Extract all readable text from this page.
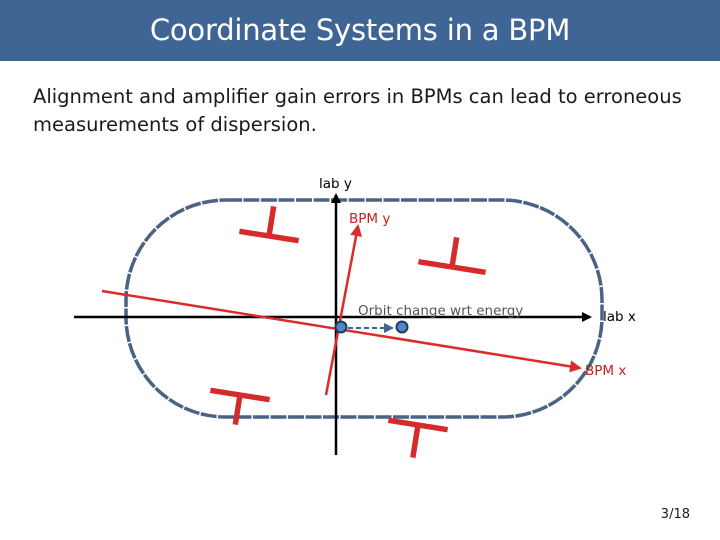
Coordinate Systems in a BPM
Alignment and amplifier gain errors in BPMs can lead to erroneous measurements of dispersion.
lab y
BPM y
Orbit change wrt energy	lab x
BPM x
3/18
